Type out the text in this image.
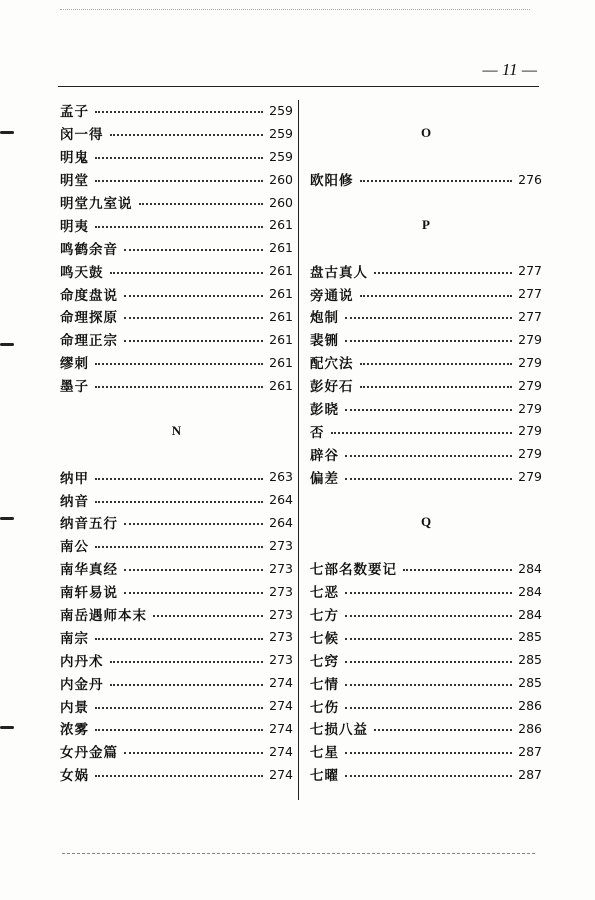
— 11 —
孟子	259
闵一得	259
明鬼	259
明堂	260
明堂九室说	260
明夷	261
鸣鹤余音	261
鸣天鼓	261
命度盘说	261
命理探原	261
命理正宗	261
缪刺	261
墨子	261
N
纳甲	263
纳音	264
纳音五行	264
南公	273
南华真经	273
南轩易说	273
南岳遇师本末	273
南宗	273
内丹术	273
内金丹	274
内景	274
浓雾	274
女丹金篇	274
女娲	274
O
欧阳修	276
P
盘古真人	277
旁通说	277
炮制	277
裴铏	279
配穴法	279
彭好石	279
彭晓	279
否	279
辟谷	279
偏差	279
Q
七部名数要记	284
七恶	284
七方	284
七候	285
七窍	285
七情	285
七伤	286
七损八益	286
七星	287
七曜	287
